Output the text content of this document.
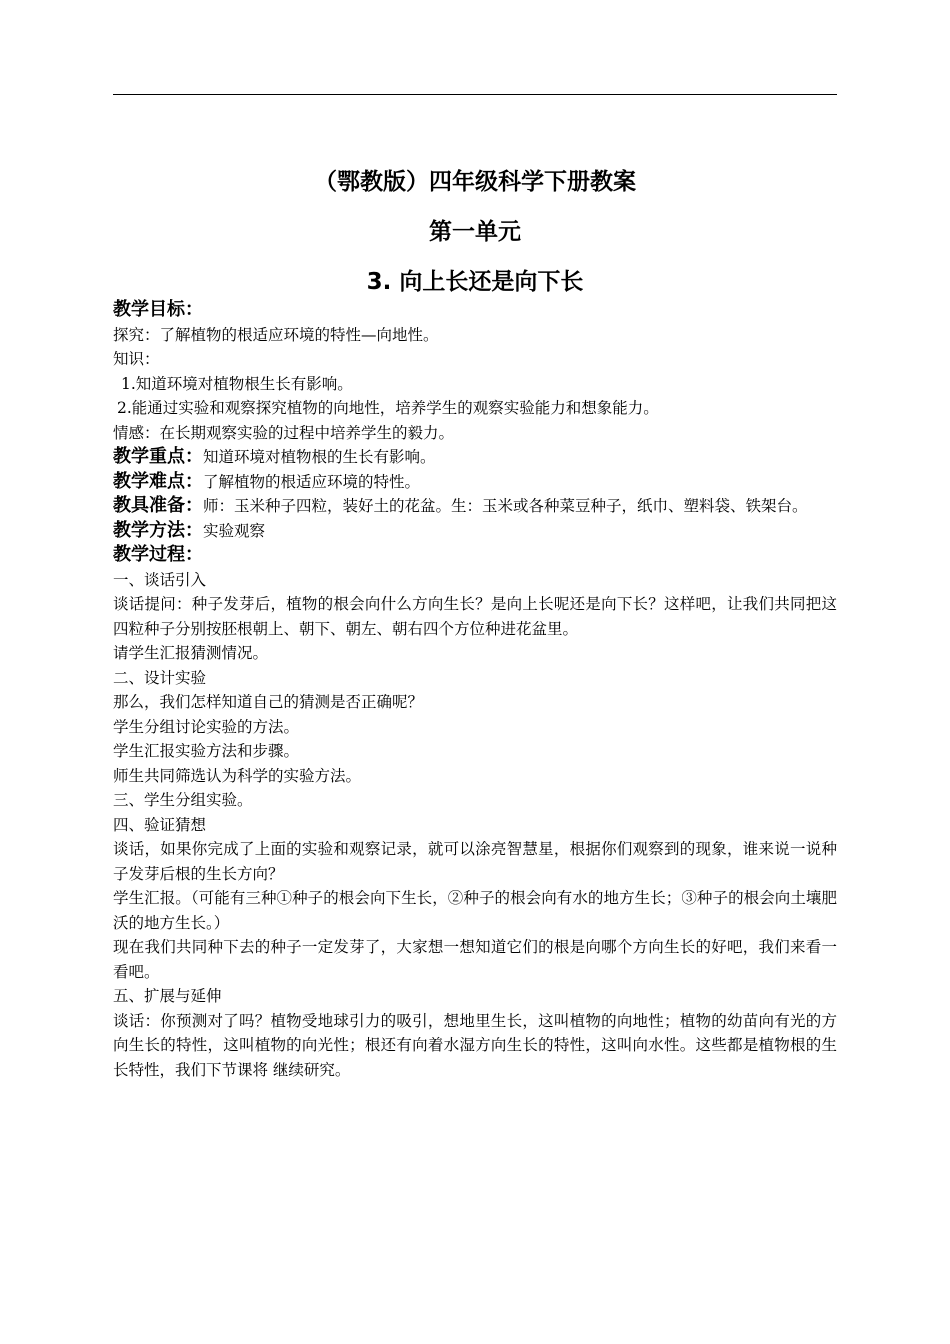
（鄂教版）四年级科学下册教案
第一单元
3. 向上长还是向下长

教学目标：

探究：了解植物的根适应环境的特性—向地性。

知识：

1.知道环境对植物根生长有影响。

2.能通过实验和观察探究植物的向地性，培养学生的观察实验能力和想象能力。

情感：在长期观察实验的过程中培养学生的毅力。

教学重点：知道环境对植物根的生长有影响。

教学难点：了解植物的根适应环境的特性。

教具准备：师：玉米种子四粒，装好土的花盆。生：玉米或各种菜豆种子，纸巾、塑料袋、铁架台。

教学方法：实验观察

教学过程：

一、谈话引入

谈话提问：种子发芽后，植物的根会向什么方向生长？是向上长呢还是向下长？这样吧，让我们共同把这四粒种子分别按胚根朝上、朝下、朝左、朝右四个方位种进花盆里。

请学生汇报猜测情况。

二、设计实验

那么，我们怎样知道自己的猜测是否正确呢？

学生分组讨论实验的方法。

学生汇报实验方法和步骤。

师生共同筛选认为科学的实验方法。

三、学生分组实验。

四、验证猜想

谈话，如果你完成了上面的实验和观察记录，就可以涂亮智慧星，根据你们观察到的现象，谁来说一说种子发芽后根的生长方向？

学生汇报。（可能有三种①种子的根会向下生长，②种子的根会向有水的地方生长；③种子的根会向土壤肥沃的地方生长。）

现在我们共同种下去的种子一定发芽了，大家想一想知道它们的根是向哪个方向生长的好吧，我们来看一看吧。

五、扩展与延伸

谈话：你预测对了吗？植物受地球引力的吸引，想地里生长，这叫植物的向地性；植物的幼苗向有光的方向生长的特性，这叫植物的向光性；根还有向着水湿方向生长的特性，这叫向水性。这些都是植物根的生长特性，我们下节课将 继续研究。
